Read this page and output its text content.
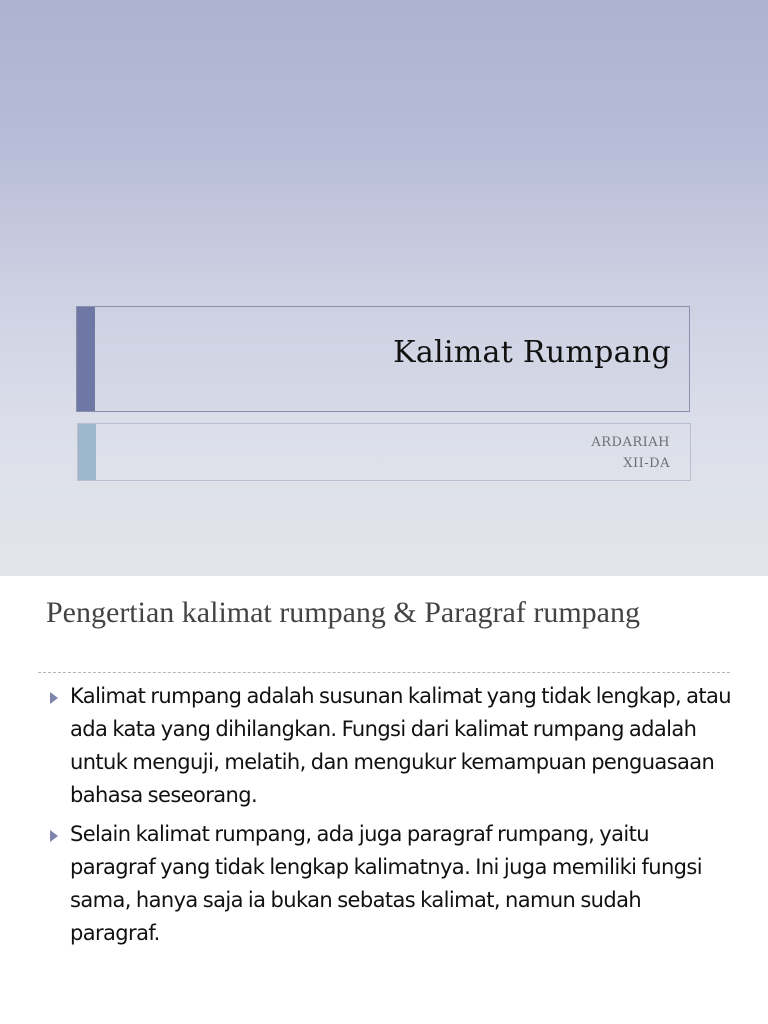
Kalimat Rumpang
ARDARIAH
XII-DA
Pengertian kalimat rumpang & Paragraf rumpang
Kalimat rumpang adalah susunan kalimat yang tidak lengkap, atau ada kata yang dihilangkan. Fungsi dari kalimat rumpang adalah untuk menguji, melatih, dan mengukur kemampuan penguasaan bahasa seseorang.
Selain kalimat rumpang, ada juga paragraf rumpang, yaitu paragraf yang tidak lengkap kalimatnya. Ini juga memiliki fungsi sama, hanya saja ia bukan sebatas kalimat, namun sudah paragraf.
